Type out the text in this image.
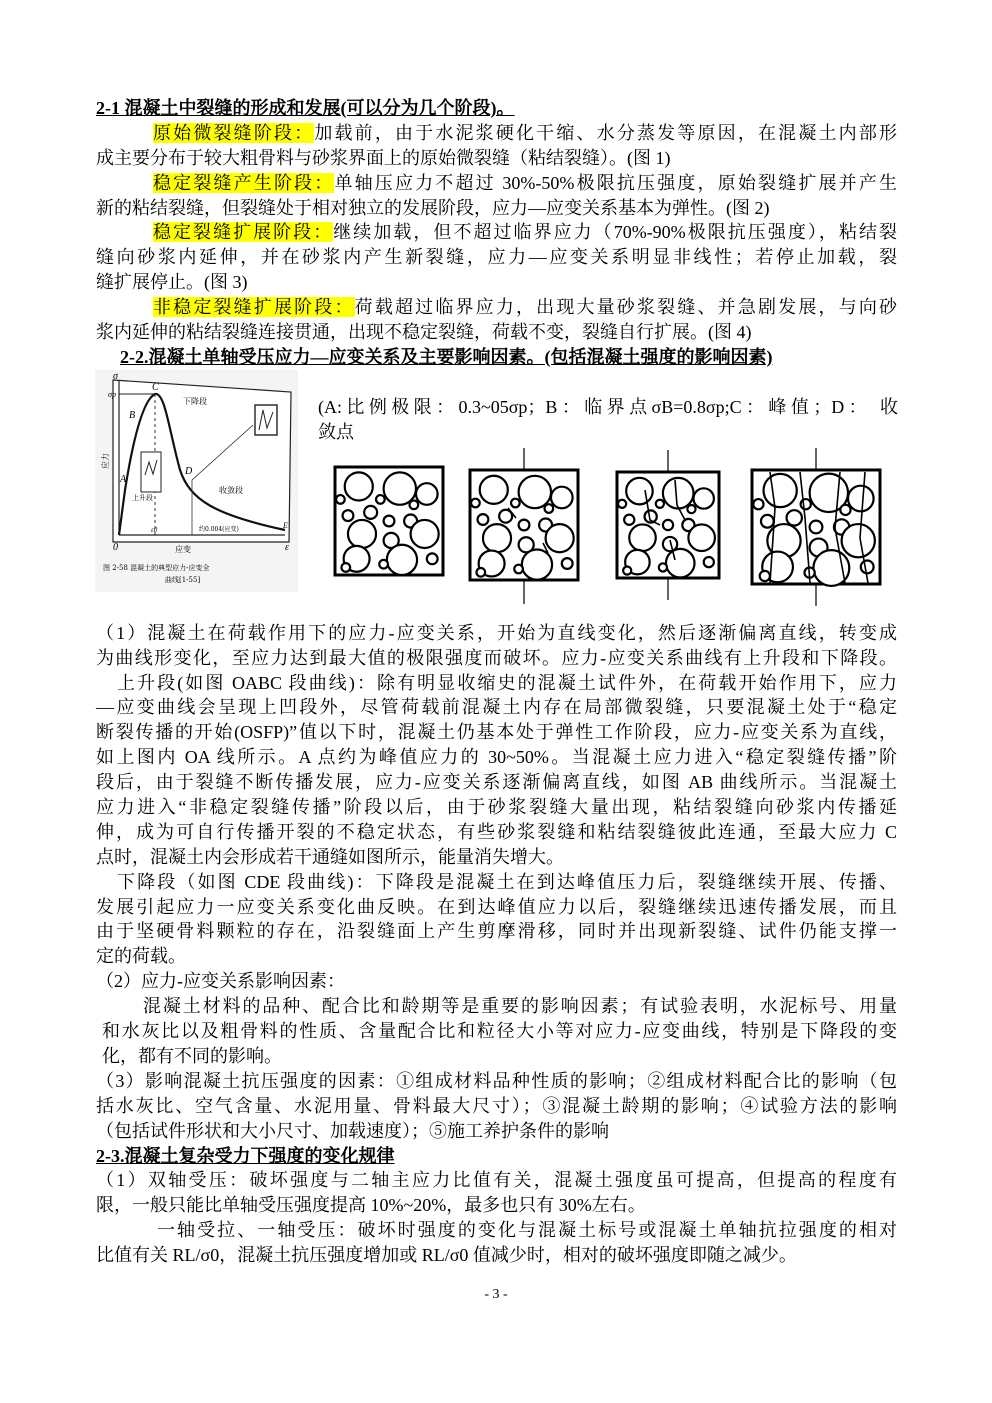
2-1 混凝土中裂缝的形成和发展(可以分为几个阶段)。
原始微裂缝阶段：加载前，由于水泥浆硬化干缩、水分蒸发等原因，在混凝土内部形
成主要分布于较大粗骨料与砂浆界面上的原始微裂缝（粘结裂缝）。(图 1)
稳定裂缝产生阶段：单轴压应力不超过 30%-50%极限抗压强度，原始裂缝扩展并产生
新的粘结裂缝，但裂缝处于相对独立的发展阶段，应力—应变关系基本为弹性。(图 2)
稳定裂缝扩展阶段：继续加载，但不超过临界应力（70%-90%极限抗压强度），粘结裂
缝向砂浆内延伸，并在砂浆内产生新裂缝，应力—应变关系明显非线性；若停止加载，裂
缝扩展停止。(图 3)
非稳定裂缝扩展阶段：荷载超过临界应力，出现大量砂浆裂缝、并急剧发展，与向砂
浆内延伸的粘结裂缝连接贯通，出现不稳定裂缝，荷载不变，裂缝自行扩展。(图 4)
2-2.混凝土单轴受压应力—应变关系及主要影响因素。(包括混凝土强度的影响因素)
σ
σp
C
B
A
D
E
0	ε
ε0
下降段
上升段
收敛段
约0.004(应变)
应变
应力
图 2-58 混凝土的典型应力-应变全
曲线[1-55]
(A:比例极限：0.3~05σp；B：临界点σB=0.8σp;C：峰值；D： 收
敛点
（1）混凝土在荷载作用下的应力-应变关系，开始为直线变化，然后逐渐偏离直线，转变成
为曲线形变化，至应力达到最大值的极限强度而破坏。应力-应变关系曲线有上升段和下降段。
上升段(如图 OABC 段曲线)：除有明显收缩史的混凝土试件外，在荷载开始作用下，应力
—应变曲线会呈现上凹段外，尽管荷载前混凝土内存在局部微裂缝，只要混凝土处于“稳定
断裂传播的开始(OSFP)”值以下时，混凝土仍基本处于弹性工作阶段，应力-应变关系为直线，
如上图内 OA 线所示。A 点约为峰值应力的 30~50%。当混凝土应力进入“稳定裂缝传播”阶
段后，由于裂缝不断传播发展，应力-应变关系逐渐偏离直线，如图 AB 曲线所示。当混凝土
应力进入“非稳定裂缝传播”阶段以后，由于砂浆裂缝大量出现，粘结裂缝向砂浆内传播延
伸，成为可自行传播开裂的不稳定状态，有些砂浆裂缝和粘结裂缝彼此连通，至最大应力 C
点时，混凝土内会形成若干通缝如图所示，能量消失增大。
下降段（如图 CDE 段曲线)：下降段是混凝土在到达峰值压力后，裂缝继续开展、传播、
发展引起应力一应变关系变化曲反映。在到达峰值应力以后，裂缝继续迅速传播发展，而且
由于坚硬骨料颗粒的存在，沿裂缝面上产生剪摩滑移，同时并出现新裂缝、试件仍能支撑一
定的荷载。
（2）应力-应变关系影响因素：
混凝土材料的品种、配合比和龄期等是重要的影响因素；有试验表明，水泥标号、用量
和水灰比以及粗骨料的性质、含量配合比和粒径大小等对应力-应变曲线，特别是下降段的变
化，都有不同的影响。
（3）影响混凝土抗压强度的因素：①组成材料品种性质的影响；②组成材料配合比的影响（包
括水灰比、空气含量、水泥用量、骨料最大尺寸）；③混凝土龄期的影响；④试验方法的影响
（包括试件形状和大小尺寸、加载速度）；⑤施工养护条件的影响
2-3.混凝土复杂受力下强度的变化规律
（1）双轴受压：破坏强度与二轴主应力比值有关，混凝土强度虽可提高，但提高的程度有
限，一般只能比单轴受压强度提高 10%~20%，最多也只有 30%左右。
一轴受拉、一轴受压：破坏时强度的变化与混凝土标号或混凝土单轴抗拉强度的相对
比值有关 RL/σ0，混凝土抗压强度增加或 RL/σ0 值减少时，相对的破坏强度即随之减少。
- 3 -
